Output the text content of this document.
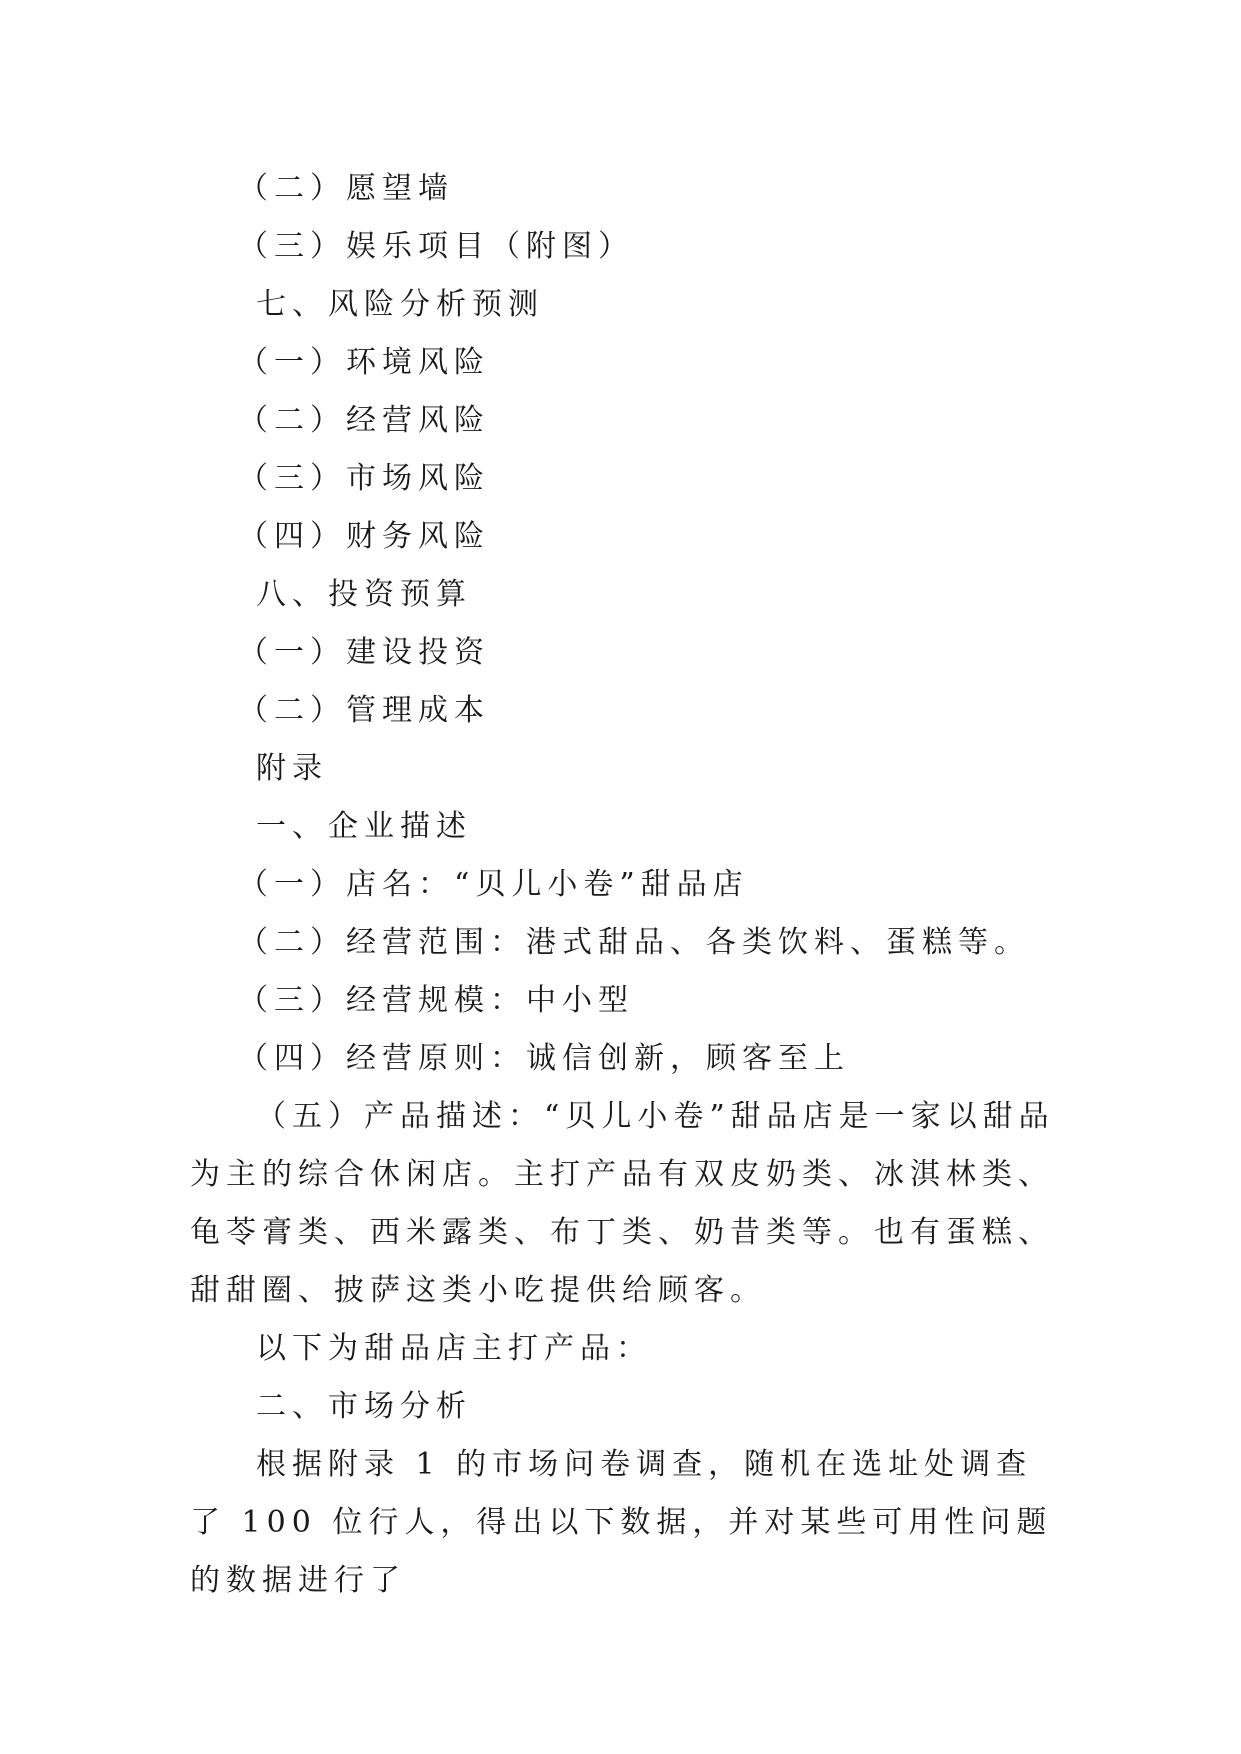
（二）愿望墙
（三）娱乐项目（附图）
七、风险分析预测
（一）环境风险
（二）经营风险
（三）市场风险
（四）财务风险
八、投资预算
（一）建设投资
（二）管理成本
附录
一、企业描述
（一）店名：“贝儿小卷”甜品店
（二）经营范围：港式甜品、各类饮料、蛋糕等。
（三）经营规模：中小型
（四）经营原则：诚信创新，顾客至上

（五）产品描述：“贝儿小卷”甜品店是一家以甜品为主的综合休闲店。主打产品有双皮奶类、冰淇林类、龟苓膏类、西米露类、布丁类、奶昔类等。也有蛋糕、甜甜圈、披萨这类小吃提供给顾客。

以下为甜品店主打产品：
二、市场分析

根据附录 1 的市场问卷调查，随机在选址处调查了 100 位行人，得出以下数据，并对某些可用性问题的数据进行了
